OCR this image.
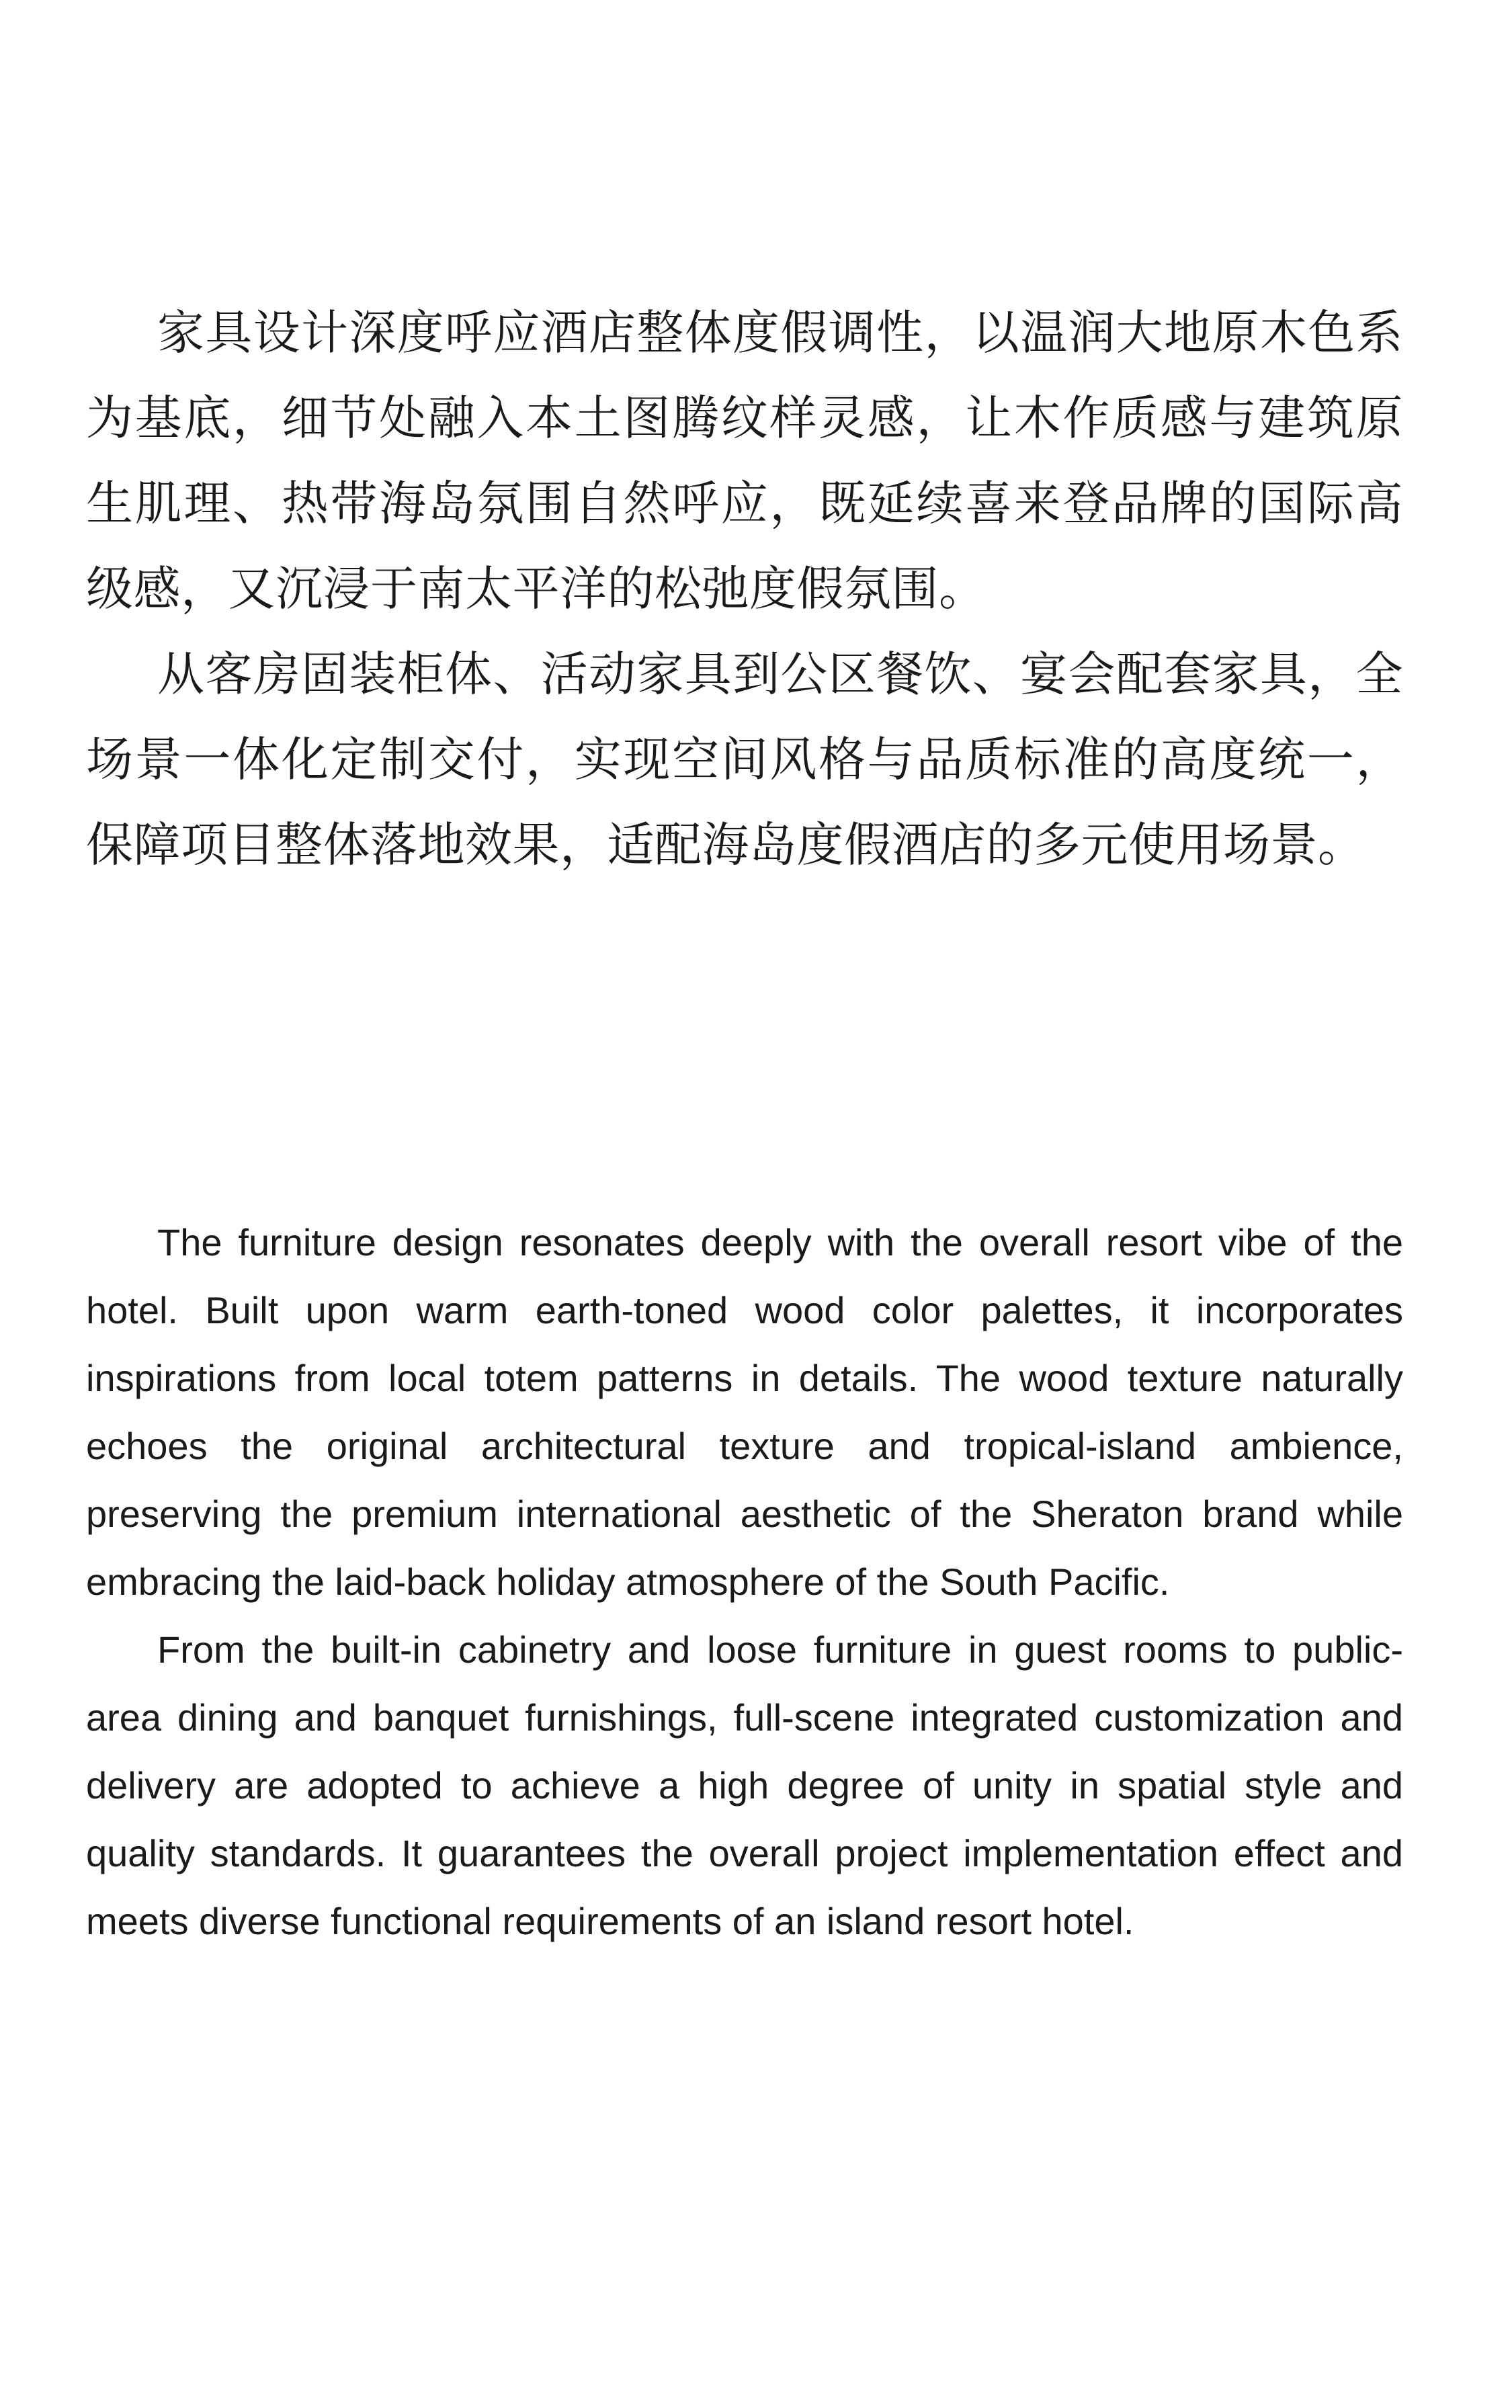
家具设计深度呼应酒店整体度假调性，以温润大地原木色系为基底，细节处融入本土图腾纹样灵感，让木作质感与建筑原生肌理、热带海岛氛围自然呼应，既延续喜来登品牌的国际高级感，又沉浸于南太平洋的松弛度假氛围。

从客房固装柜体、活动家具到公区餐饮、宴会配套家具，全场景一体化定制交付，实现空间风格与品质标准的高度统一，保障项目整体落地效果，适配海岛度假酒店的多元使用场景。

The furniture design resonates deeply with the overall resort vibe of the hotel. Built upon warm earth-toned wood color palettes, it incorporates inspirations from local totem patterns in details. The wood texture naturally echoes the original architectural texture and tropical-island ambience, preserving the premium international aesthetic of the Sheraton brand while embracing the laid-back holiday atmosphere of the South Pacific.

From the built-in cabinetry and loose furniture in guest rooms to public-area dining and banquet furnishings, full-scene integrated customization and delivery are adopted to achieve a high degree of unity in spatial style and quality standards. It guarantees the overall project implementation effect and meets diverse functional requirements of an island resort hotel.
